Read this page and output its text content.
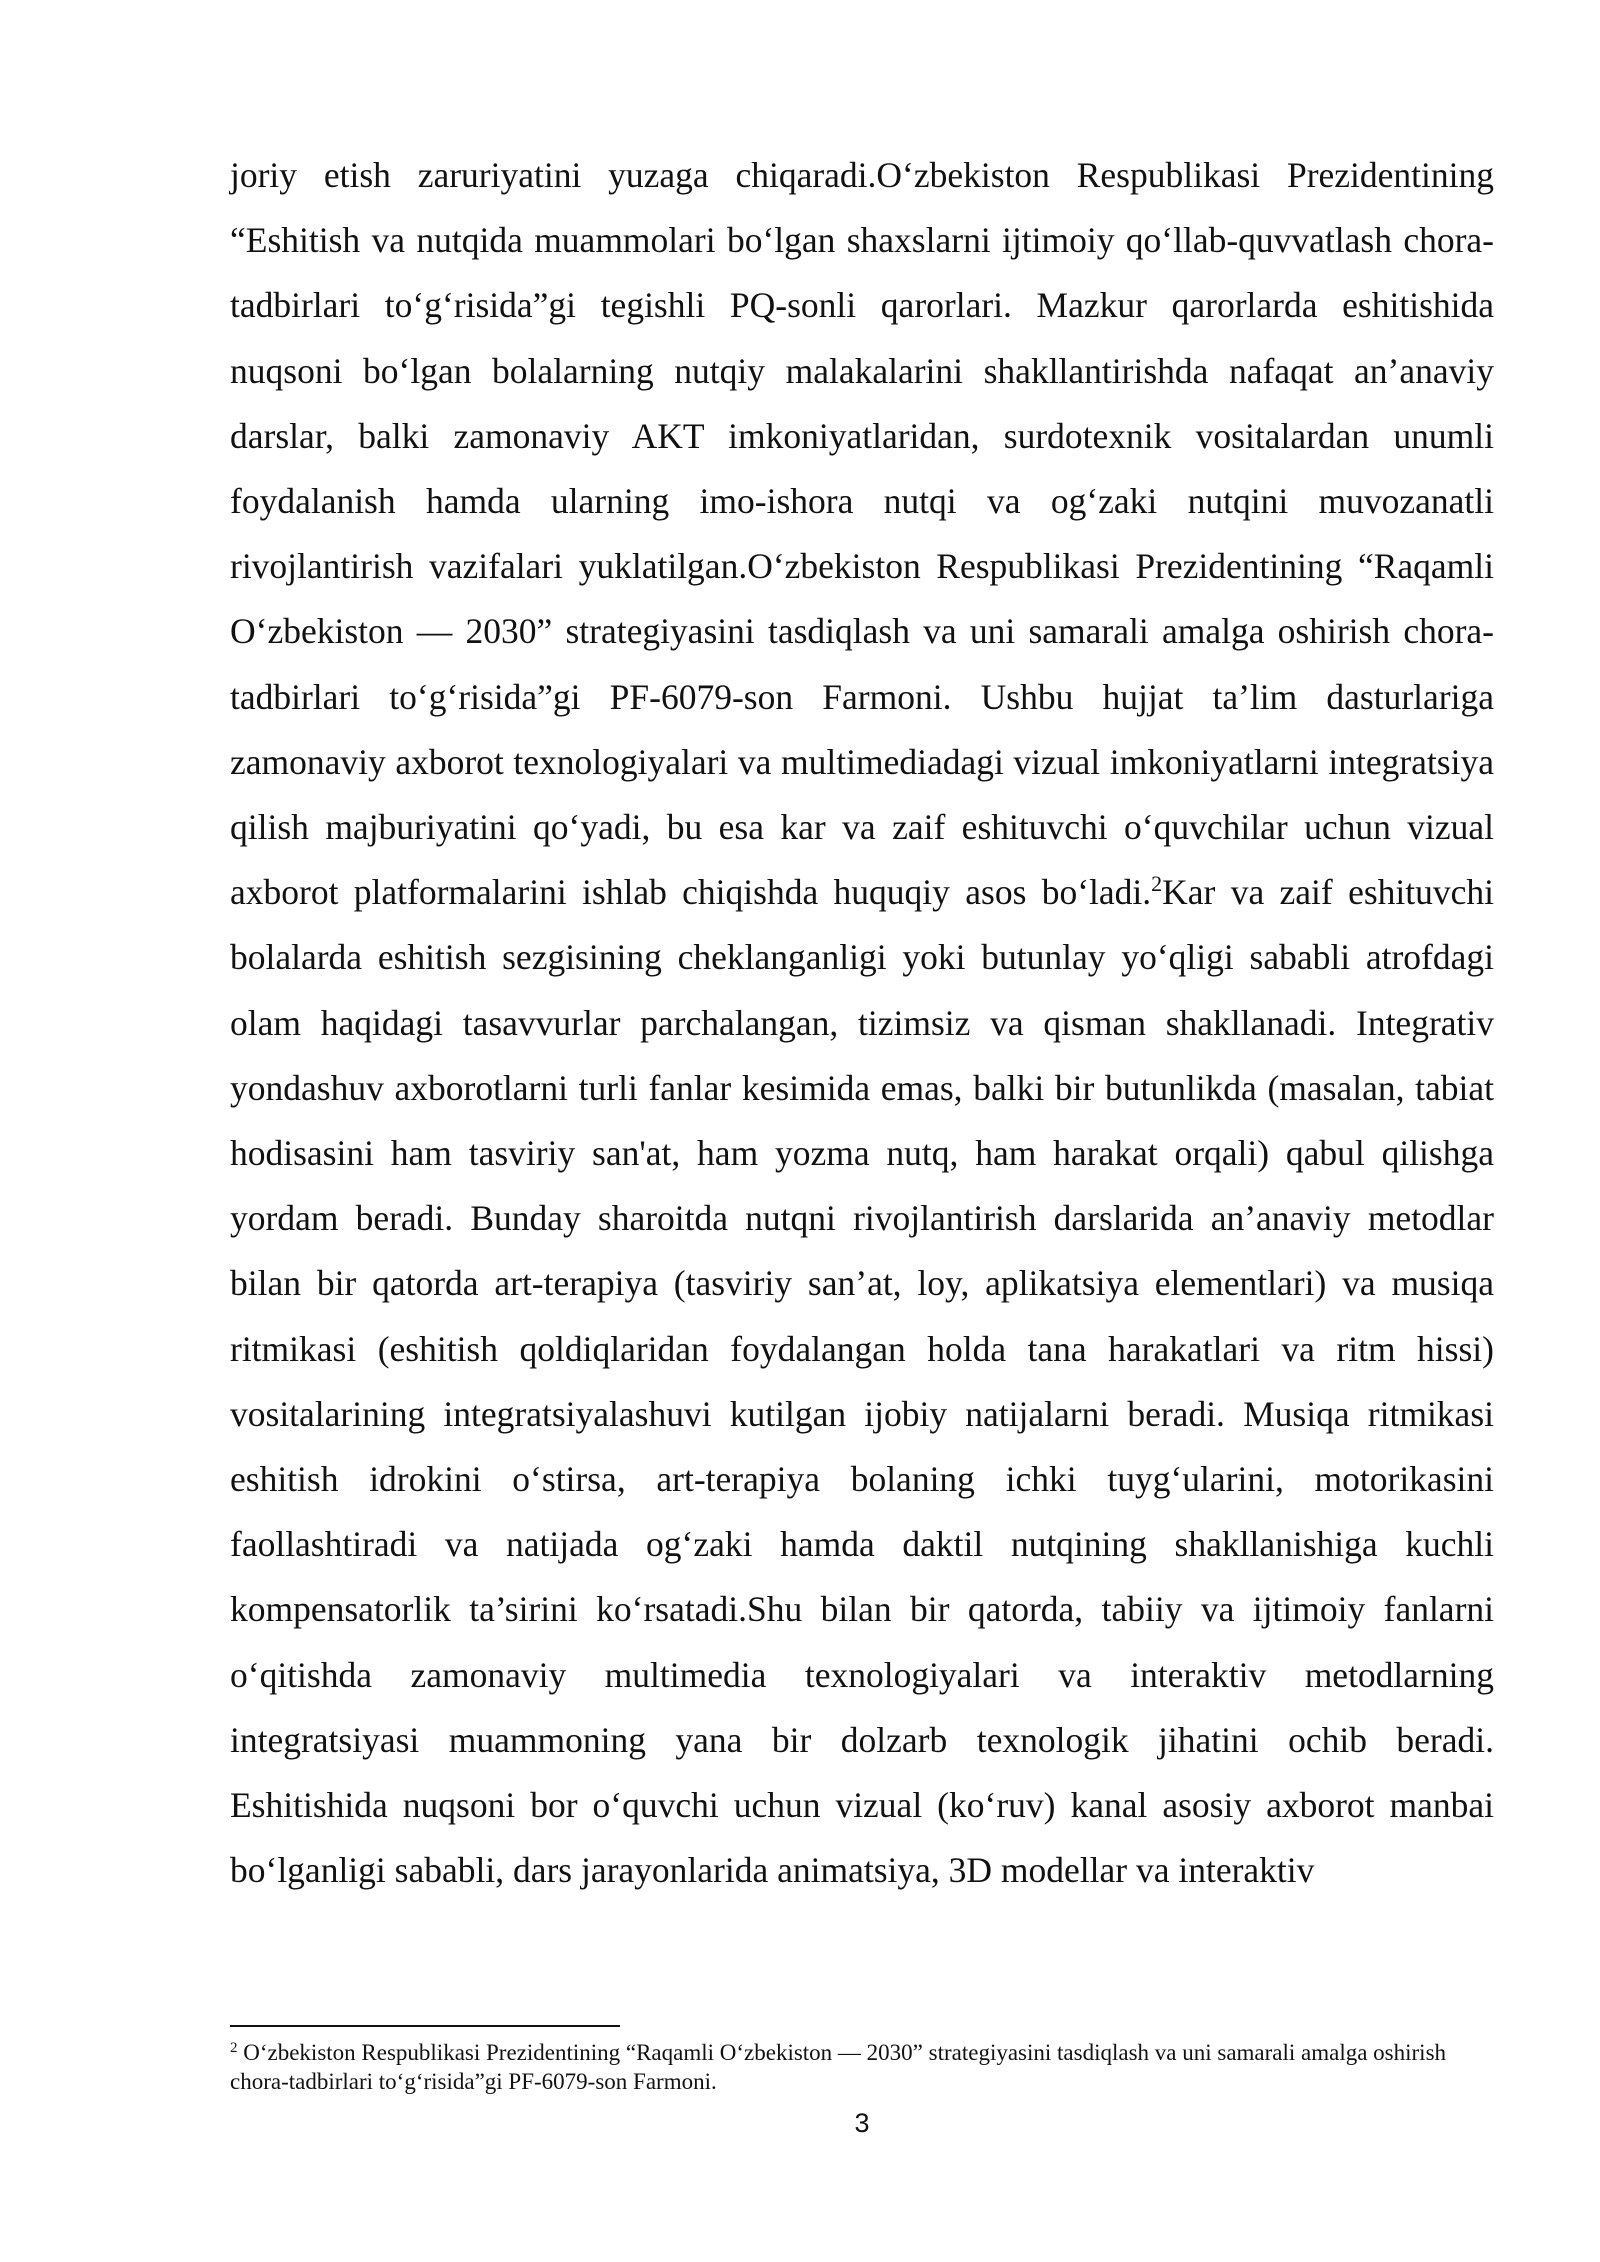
joriy etish zaruriyatini yuzaga chiqaradi.O‘zbekiston Respublikasi Prezidentining “Eshitish va nutqida muammolari bo‘lgan shaxslarni ijtimoiy qo‘llab-quvvatlash chora-tadbirlari to‘g‘risida”gi tegishli PQ-sonli qarorlari. Mazkur qarorlarda eshitishida nuqsoni bo‘lgan bolalarning nutqiy malakalarini shakllantirishda nafaqat an’anaviy darslar, balki zamonaviy AKT imkoniyatlaridan, surdotexnik vositalardan unumli foydalanish hamda ularning imo-ishora nutqi va og‘zaki nutqini muvozanatli rivojlantirish vazifalari yuklatilgan.O‘zbekiston Respublikasi Prezidentining “Raqamli O‘zbekiston — 2030” strategiyasini tasdiqlash va uni samarali amalga oshirish chora-tadbirlari to‘g‘risida”gi PF-6079-son Farmoni. Ushbu hujjat ta’lim dasturlariga zamonaviy axborot texnologiyalari va multimediadagi vizual imkoniyatlarni integratsiya qilish majburiyatini qo‘yadi, bu esa kar va zaif eshituvchi o‘quvchilar uchun vizual axborot platformalarini ishlab chiqishda huquqiy asos bo‘ladi.$^2$Kar va zaif eshituvchi bolalarda eshitish sezgisining cheklanganligi yoki butunlay yo‘qligi sababli atrofdagi olam haqidagi tasavvurlar parchalangan, tizimsiz va qisman shakllanadi. Integrativ yondashuv axborotlarni turli fanlar kesimida emas, balki bir butunlikda (masalan, tabiat hodisasini ham tasviriy san'at, ham yozma nutq, ham harakat orqali) qabul qilishga yordam beradi. Bunday sharoitda nutqni rivojlantirish darslarida an’anaviy metodlar bilan bir qatorda art-terapiya (tasviriy san’at, loy, aplikatsiya elementlari) va musiqa ritmikasi (eshitish qoldiqlaridan foydalangan holda tana harakatlari va ritm hissi) vositalarining integratsiyalashuvi kutilgan ijobiy natijalarni beradi. Musiqa ritmikasi eshitish idrokini o‘stirsa, art-terapiya bolaning ichki tuyg‘ularini, motorikasini faollashtiradi va natijada og‘zaki hamda daktil nutqining shakllanishiga kuchli kompensatorlik ta’sirini ko‘rsatadi.Shu bilan bir qatorda, tabiiy va ijtimoiy fanlarni o‘qitishda zamonaviy multimedia texnologiyalari va interaktiv metodlarning integratsiyasi muammoning yana bir dolzarb texnologik jihatini ochib beradi. Eshitishida nuqsoni bor o‘quvchi uchun vizual (ko‘ruv) kanal asosiy axborot manbai bo‘lganligi sababli, dars jarayonlarida animatsiya, 3D modellar va interaktiv

$^2$ O‘zbekiston Respublikasi Prezidentining “Raqamli O‘zbekiston — 2030” strategiyasini tasdiqlash va uni samarali amalga oshirish chora-tadbirlari to‘g‘risida”gi PF-6079-son Farmoni.

3
